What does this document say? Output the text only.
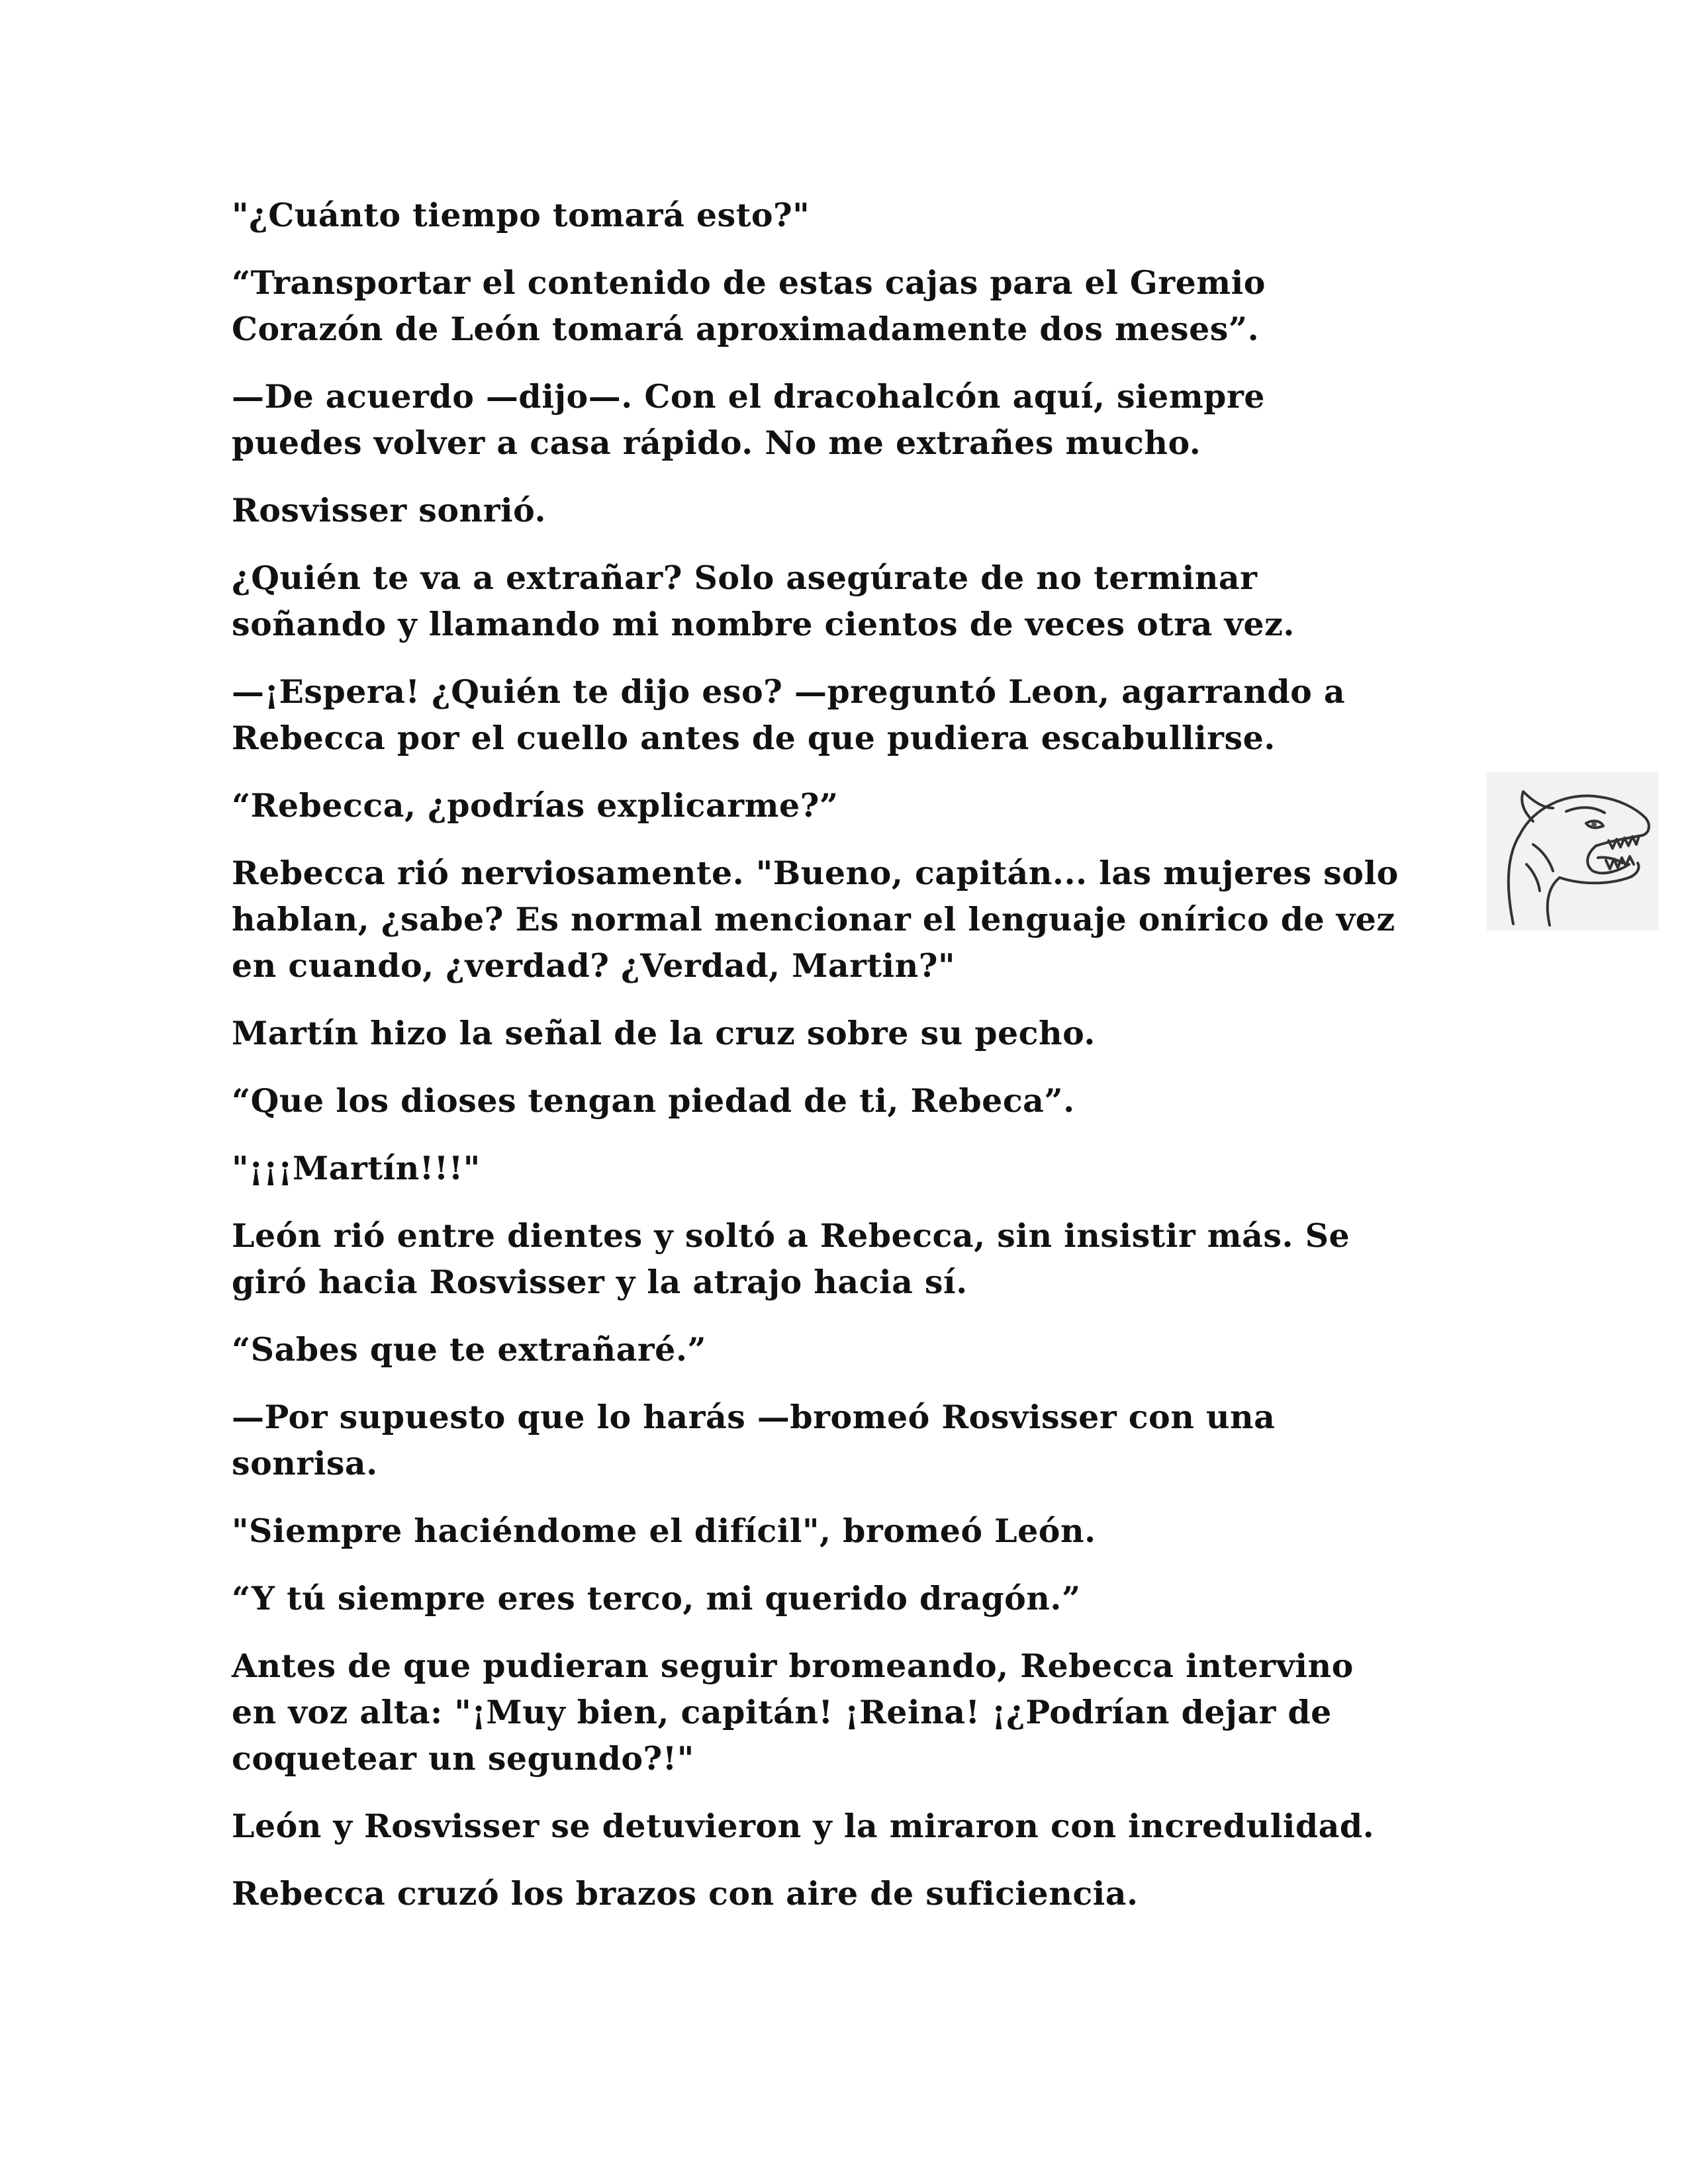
"¿Cuánto tiempo tomará esto?"

“Transportar el contenido de estas cajas para el Gremio
Corazón de León tomará aproximadamente dos meses”.

—De acuerdo —dijo—. Con el dracohalcón aquí, siempre
puedes volver a casa rápido. No me extrañes mucho.

Rosvisser sonrió.

¿Quién te va a extrañar? Solo asegúrate de no terminar
soñando y llamando mi nombre cientos de veces otra vez.

—¡Espera! ¿Quién te dijo eso? —preguntó Leon, agarrando a
Rebecca por el cuello antes de que pudiera escabullirse.

“Rebecca, ¿podrías explicarme?”

Rebecca rió nerviosamente. "Bueno, capitán... las mujeres solo
hablan, ¿sabe? Es normal mencionar el lenguaje onírico de vez
en cuando, ¿verdad? ¿Verdad, Martin?"

Martín hizo la señal de la cruz sobre su pecho.

“Que los dioses tengan piedad de ti, Rebeca”.

"¡¡¡Martín!!!"

León rió entre dientes y soltó a Rebecca, sin insistir más. Se
giró hacia Rosvisser y la atrajo hacia sí.

“Sabes que te extrañaré.”

—Por supuesto que lo harás —bromeó Rosvisser con una
sonrisa.

"Siempre haciéndome el difícil", bromeó León.

“Y tú siempre eres terco, mi querido dragón.”

Antes de que pudieran seguir bromeando, Rebecca intervino
en voz alta: "¡Muy bien, capitán! ¡Reina! ¡¿Podrían dejar de
coquetear un segundo?!"

León y Rosvisser se detuvieron y la miraron con incredulidad.

Rebecca cruzó los brazos con aire de suficiencia.
